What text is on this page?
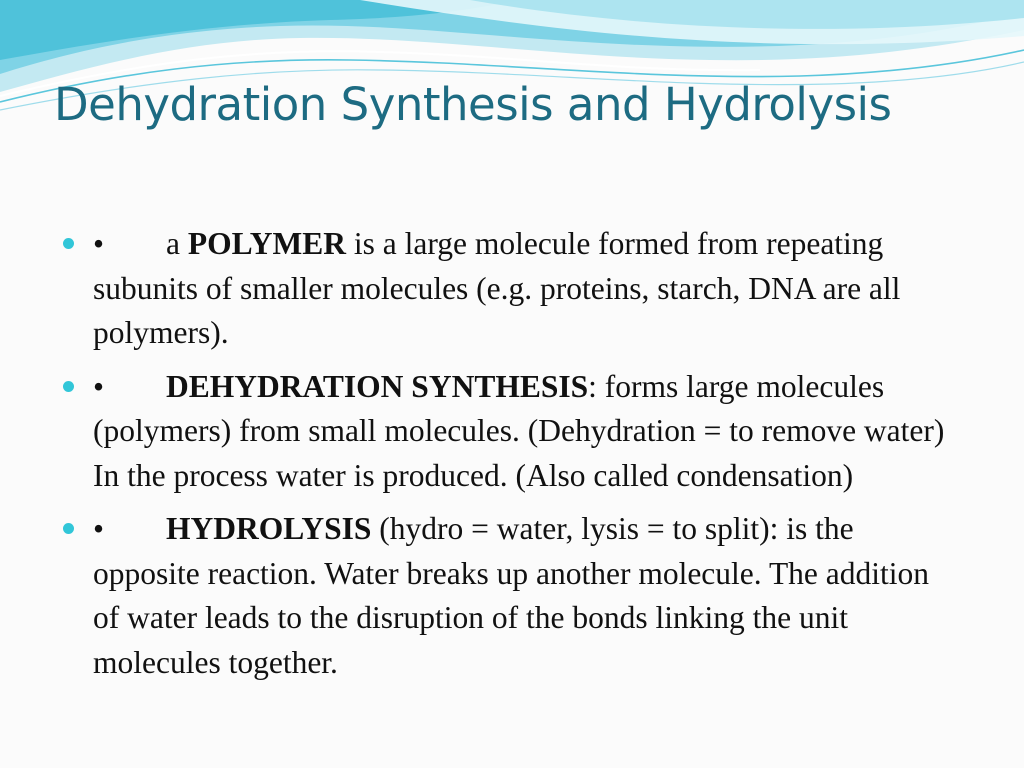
Dehydration Synthesis and Hydrolysis
• a POLYMER is a large molecule formed from repeating subunits of smaller molecules (e.g. proteins, starch, DNA are all polymers).
• DEHYDRATION SYNTHESIS: forms large molecules (polymers) from small molecules. (Dehydration = to remove water) In the process water is produced. (Also called condensation)
• HYDROLYSIS (hydro = water, lysis = to split): is the opposite reaction. Water breaks up another molecule. The addition of water leads to the disruption of the bonds linking the unit molecules together.
